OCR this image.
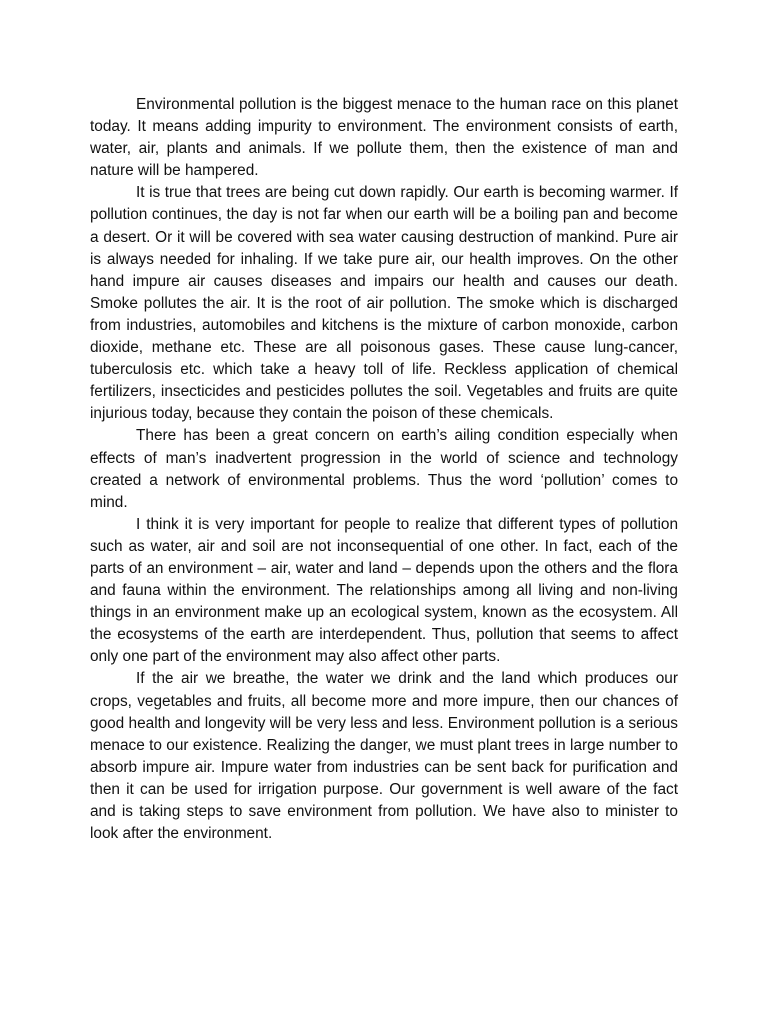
Environmental pollution is the biggest menace to the human race on this planet today. It means adding impurity to environment. The environment consists of earth, water, air, plants and animals. If we pollute them, then the existence of man and nature will be hampered.

It is true that trees are being cut down rapidly. Our earth is becoming warmer. If pollution continues, the day is not far when our earth will be a boiling pan and become a desert. Or it will be covered with sea water causing destruction of mankind. Pure air is always needed for inhaling. If we take pure air, our health improves. On the other hand impure air causes diseases and impairs our health and causes our death. Smoke pollutes the air. It is the root of air pollution. The smoke which is discharged from industries, automobiles and kitchens is the mixture of carbon monoxide, carbon dioxide, methane etc. These are all poisonous gases. These cause lung-cancer, tuberculosis etc. which take a heavy toll of life. Reckless application of chemical fertilizers, insecticides and pesticides pollutes the soil. Vegetables and fruits are quite injurious today, because they contain the poison of these chemicals.

There has been a great concern on earth’s ailing condition especially when effects of man’s inadvertent progression in the world of science and technology created a network of environmental problems. Thus the word ‘pollution’ comes to mind.

I think it is very important for people to realize that different types of pollution such as water, air and soil are not inconsequential of one other. In fact, each of the parts of an environment – air, water and land – depends upon the others and the flora and fauna within the environment. The relationships among all living and non-living things in an environment make up an ecological system, known as the ecosystem. All the ecosystems of the earth are interdependent. Thus, pollution that seems to affect only one part of the environment may also affect other parts.

If the air we breathe, the water we drink and the land which produces our crops, vegetables and fruits, all become more and more impure, then our chances of good health and longevity will be very less and less. Environment pollution is a serious menace to our existence. Realizing the danger, we must plant trees in large number to absorb impure air. Impure water from industries can be sent back for purification and then it can be used for irrigation purpose. Our government is well aware of the fact and is taking steps to save environment from pollution. We have also to minister to look after the environment.
